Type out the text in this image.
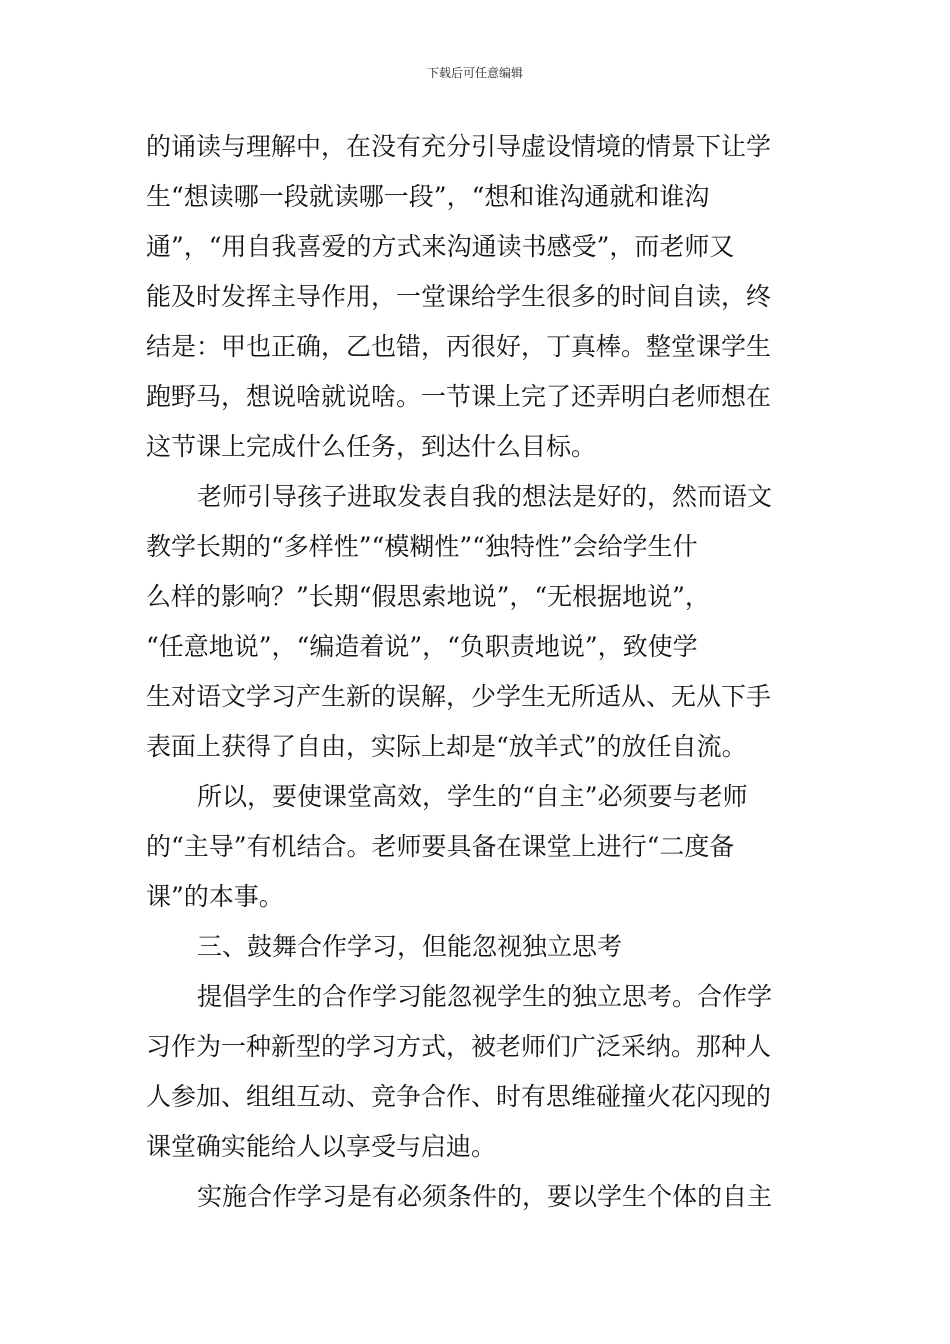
下载后可任意编辑
的诵读与理解中，在没有充分引导虚设情境的情景下让学
生“想读哪一段就读哪一段”，“想和谁沟通就和谁沟
通”，“用自我喜爱的方式来沟通读书感受”，而老师又
能及时发挥主导作用，一堂课给学生很多的时间自读，终
结是：甲也正确，乙也错，丙很好，丁真棒。整堂课学生
跑野马，想说啥就说啥。一节课上完了还弄明白老师想在
这节课上完成什么任务，到达什么目标。
老师引导孩子进取发表自我的想法是好的，然而语文
教学长期的“多样性”“模糊性”“独特性”会给学生什
么样的影响？”长期“假思索地说”，“无根据地说”，
“任意地说”，“编造着说”，“负职责地说”，致使学
生对语文学习产生新的误解，少学生无所适从、无从下手
表面上获得了自由，实际上却是“放羊式”的放任自流。
所以，要使课堂高效，学生的“自主”必须要与老师
的“主导”有机结合。老师要具备在课堂上进行“二度备
课”的本事。
三、鼓舞合作学习，但能忽视独立思考
提倡学生的合作学习能忽视学生的独立思考。合作学
习作为一种新型的学习方式，被老师们广泛采纳。那种人
人参加、组组互动、竞争合作、时有思维碰撞火花闪现的
课堂确实能给人以享受与启迪。
实施合作学习是有必须条件的，要以学生个体的自主
